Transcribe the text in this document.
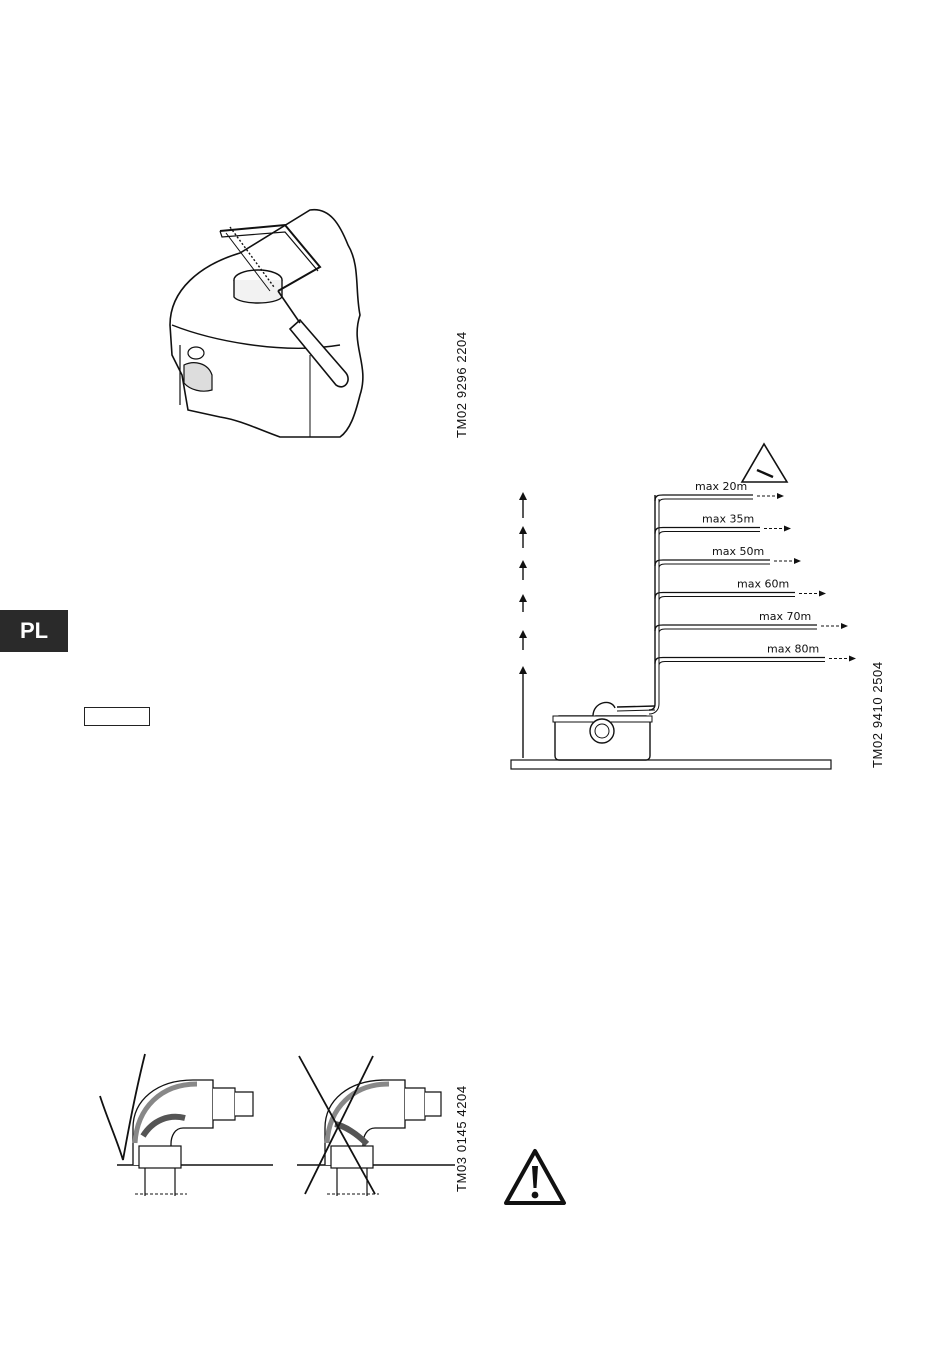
PL
TM02 9296 2204
max 20m
max 35m
max 50m
max 60m
max 70m
max 80m
TM02 9410 2504
TM03 0145 4204
